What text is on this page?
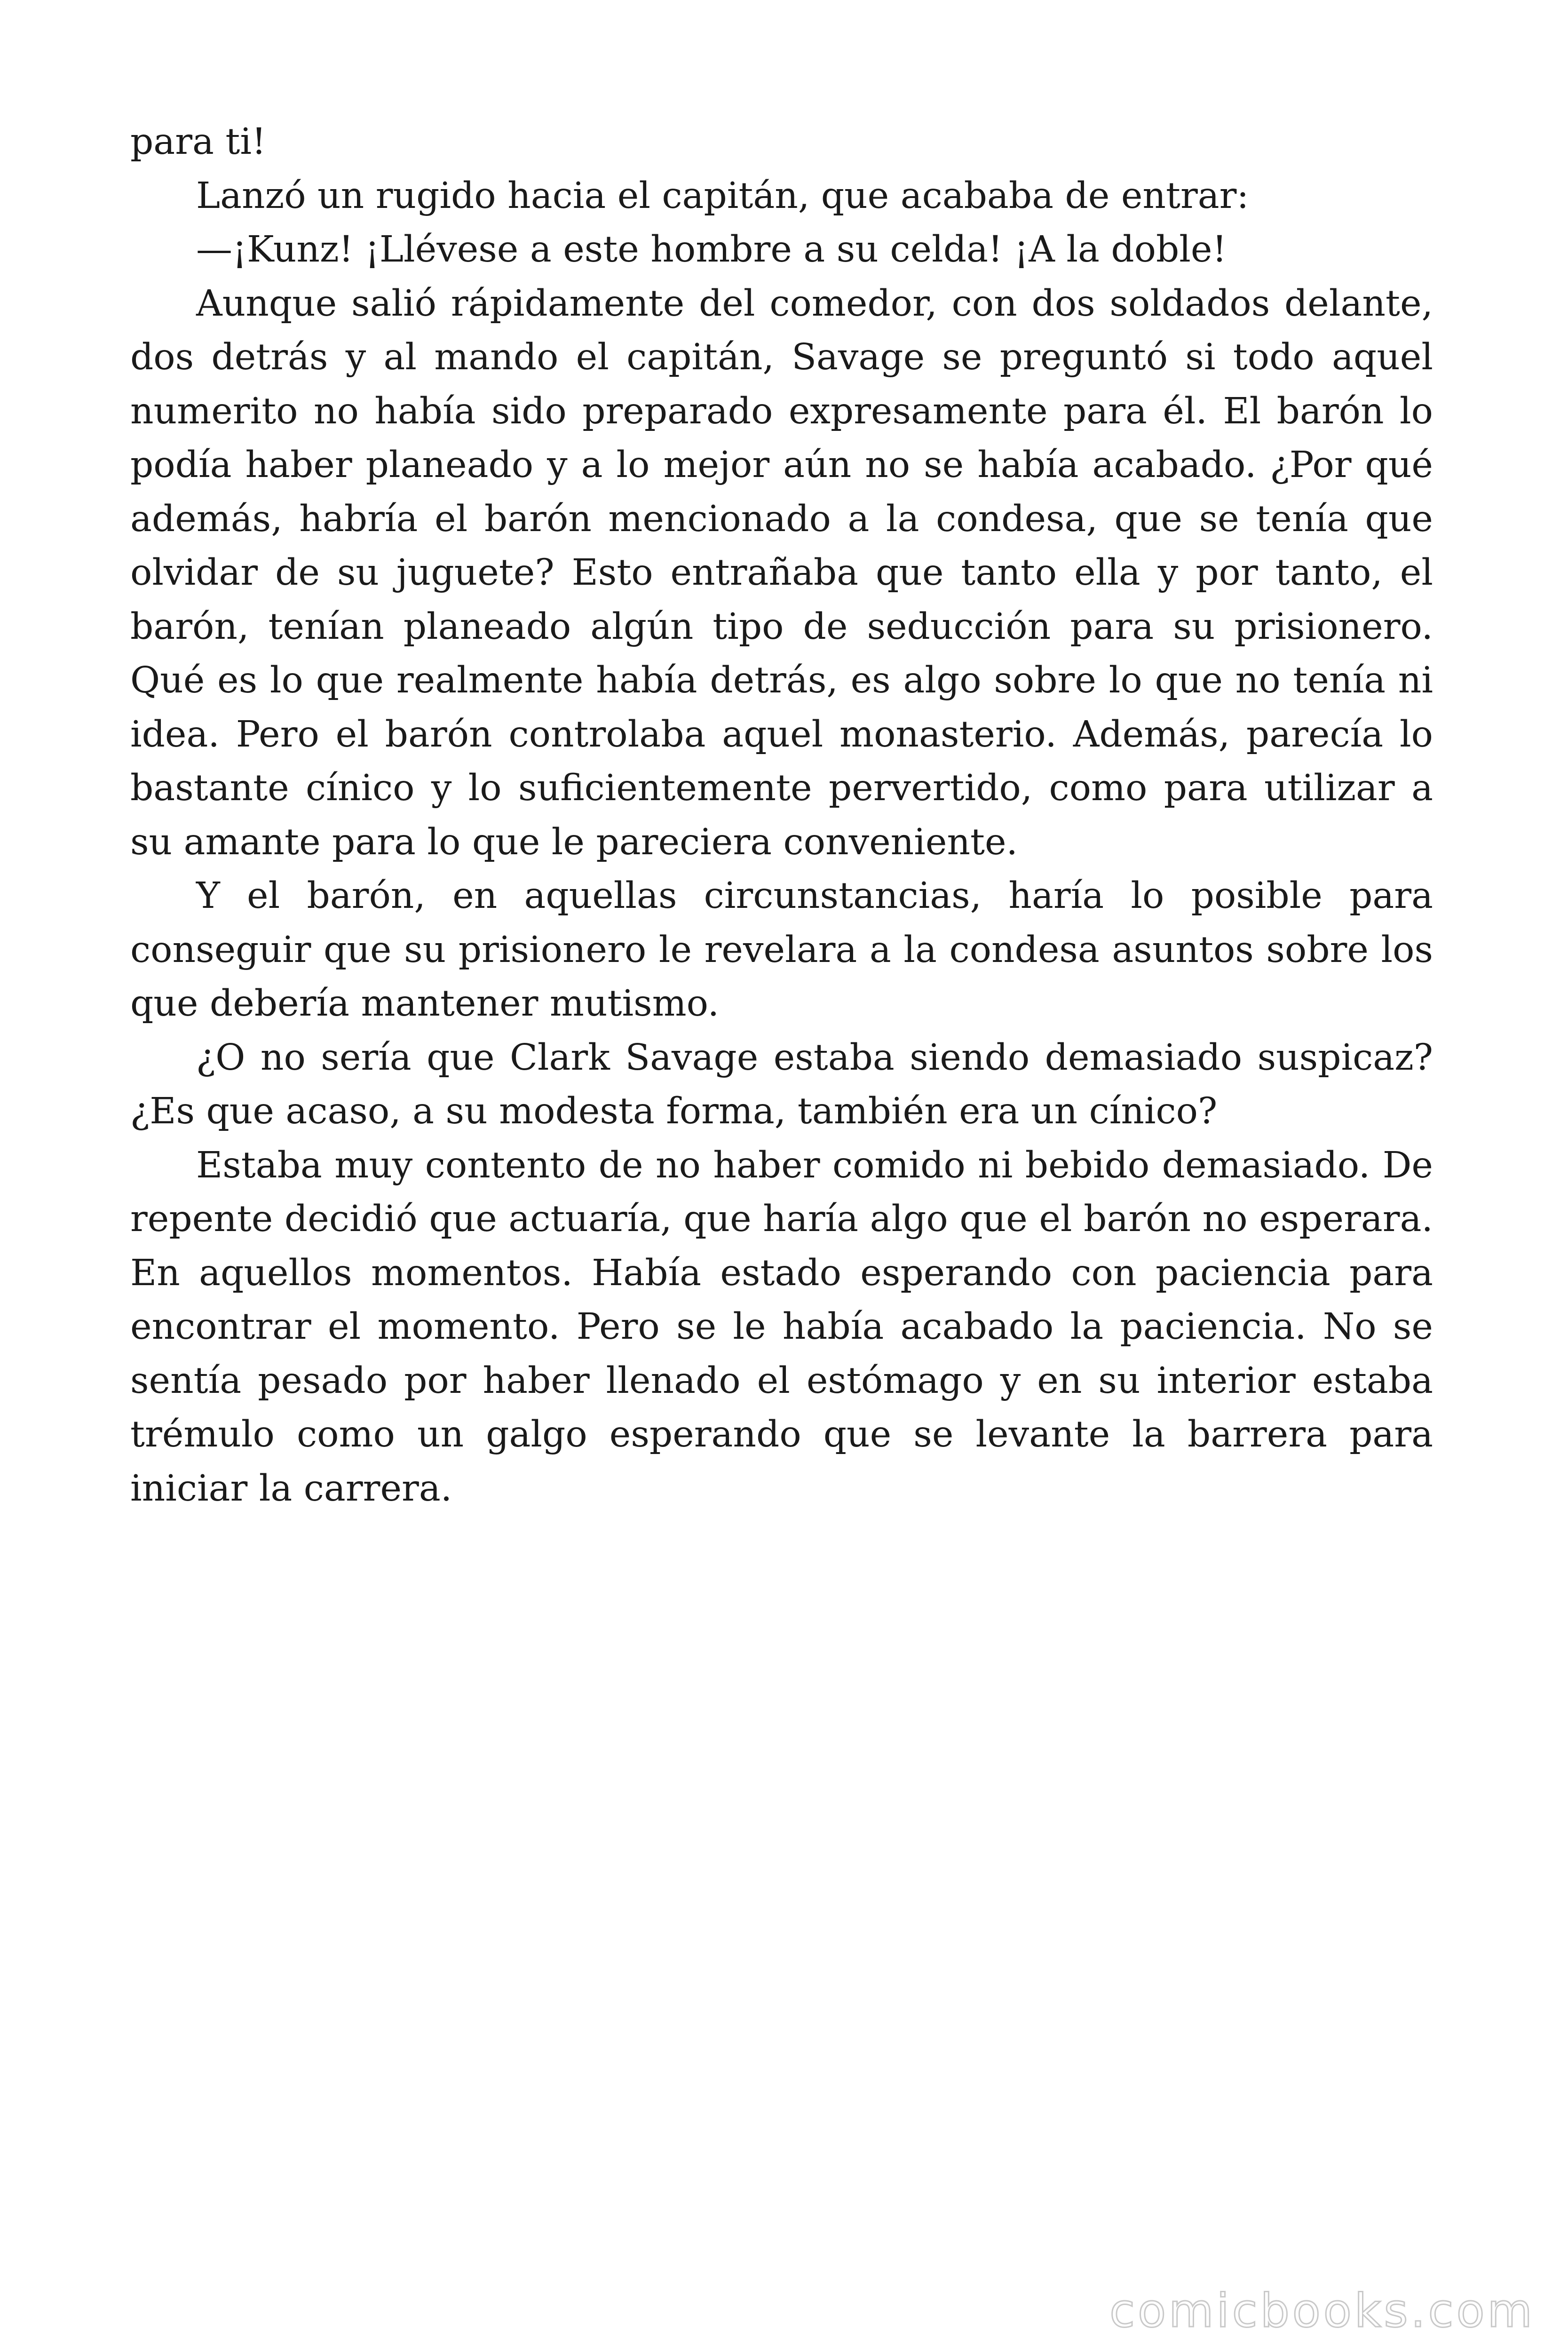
para ti!

Lanzó un rugido hacia el capitán, que acababa de entrar:

—¡Kunz! ¡Llévese a este hombre a su celda! ¡A la doble!

Aunque salió rápidamente del comedor, con dos soldados delante, dos detrás y al mando el capitán, Savage se preguntó si todo aquel numerito no había sido preparado expresamente para él. El barón lo podía haber planeado y a lo mejor aún no se había acabado. ¿Por qué además, habría el barón mencionado a la condesa, que se tenía que olvidar de su juguete? Esto entrañaba que tanto ella y por tanto, el barón, tenían planeado algún tipo de seducción para su prisionero. Qué es lo que realmente había detrás, es algo sobre lo que no tenía ni idea. Pero el barón controlaba aquel monasterio. Además, parecía lo bastante cínico y lo suficientemente pervertido, como para utilizar a su amante para lo que le pareciera conveniente.

Y el barón, en aquellas circunstancias, haría lo posible para conseguir que su prisionero le revelara a la condesa asuntos sobre los que debería mantener mutismo.

¿O no sería que Clark Savage estaba siendo demasiado suspicaz? ¿Es que acaso, a su modesta forma, también era un cínico?

Estaba muy contento de no haber comido ni bebido demasiado. De repente decidió que actuaría, que haría algo que el barón no esperara. En aquellos momentos. Había estado esperando con paciencia para encontrar el momento. Pero se le había acabado la paciencia. No se sentía pesado por haber llenado el estómago y en su interior estaba trémulo como un galgo esperando que se levante la barrera para iniciar la carrera.

comicbooks.com
